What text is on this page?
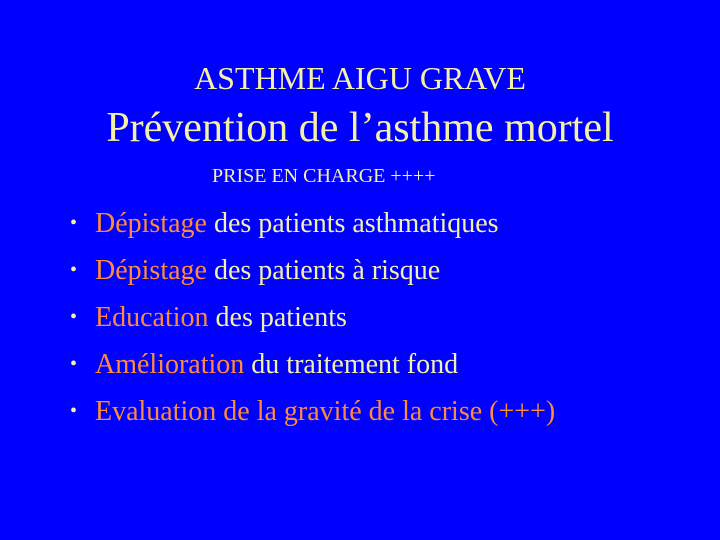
ASTHME AIGU GRAVE
Prévention de l’asthme mortel
PRISE EN CHARGE ++++
• Dépistage des patients asthmatiques
• Dépistage des patients à risque
• Education des patients
• Amélioration du traitement fond
• Evaluation de la gravité de la crise (+++)
